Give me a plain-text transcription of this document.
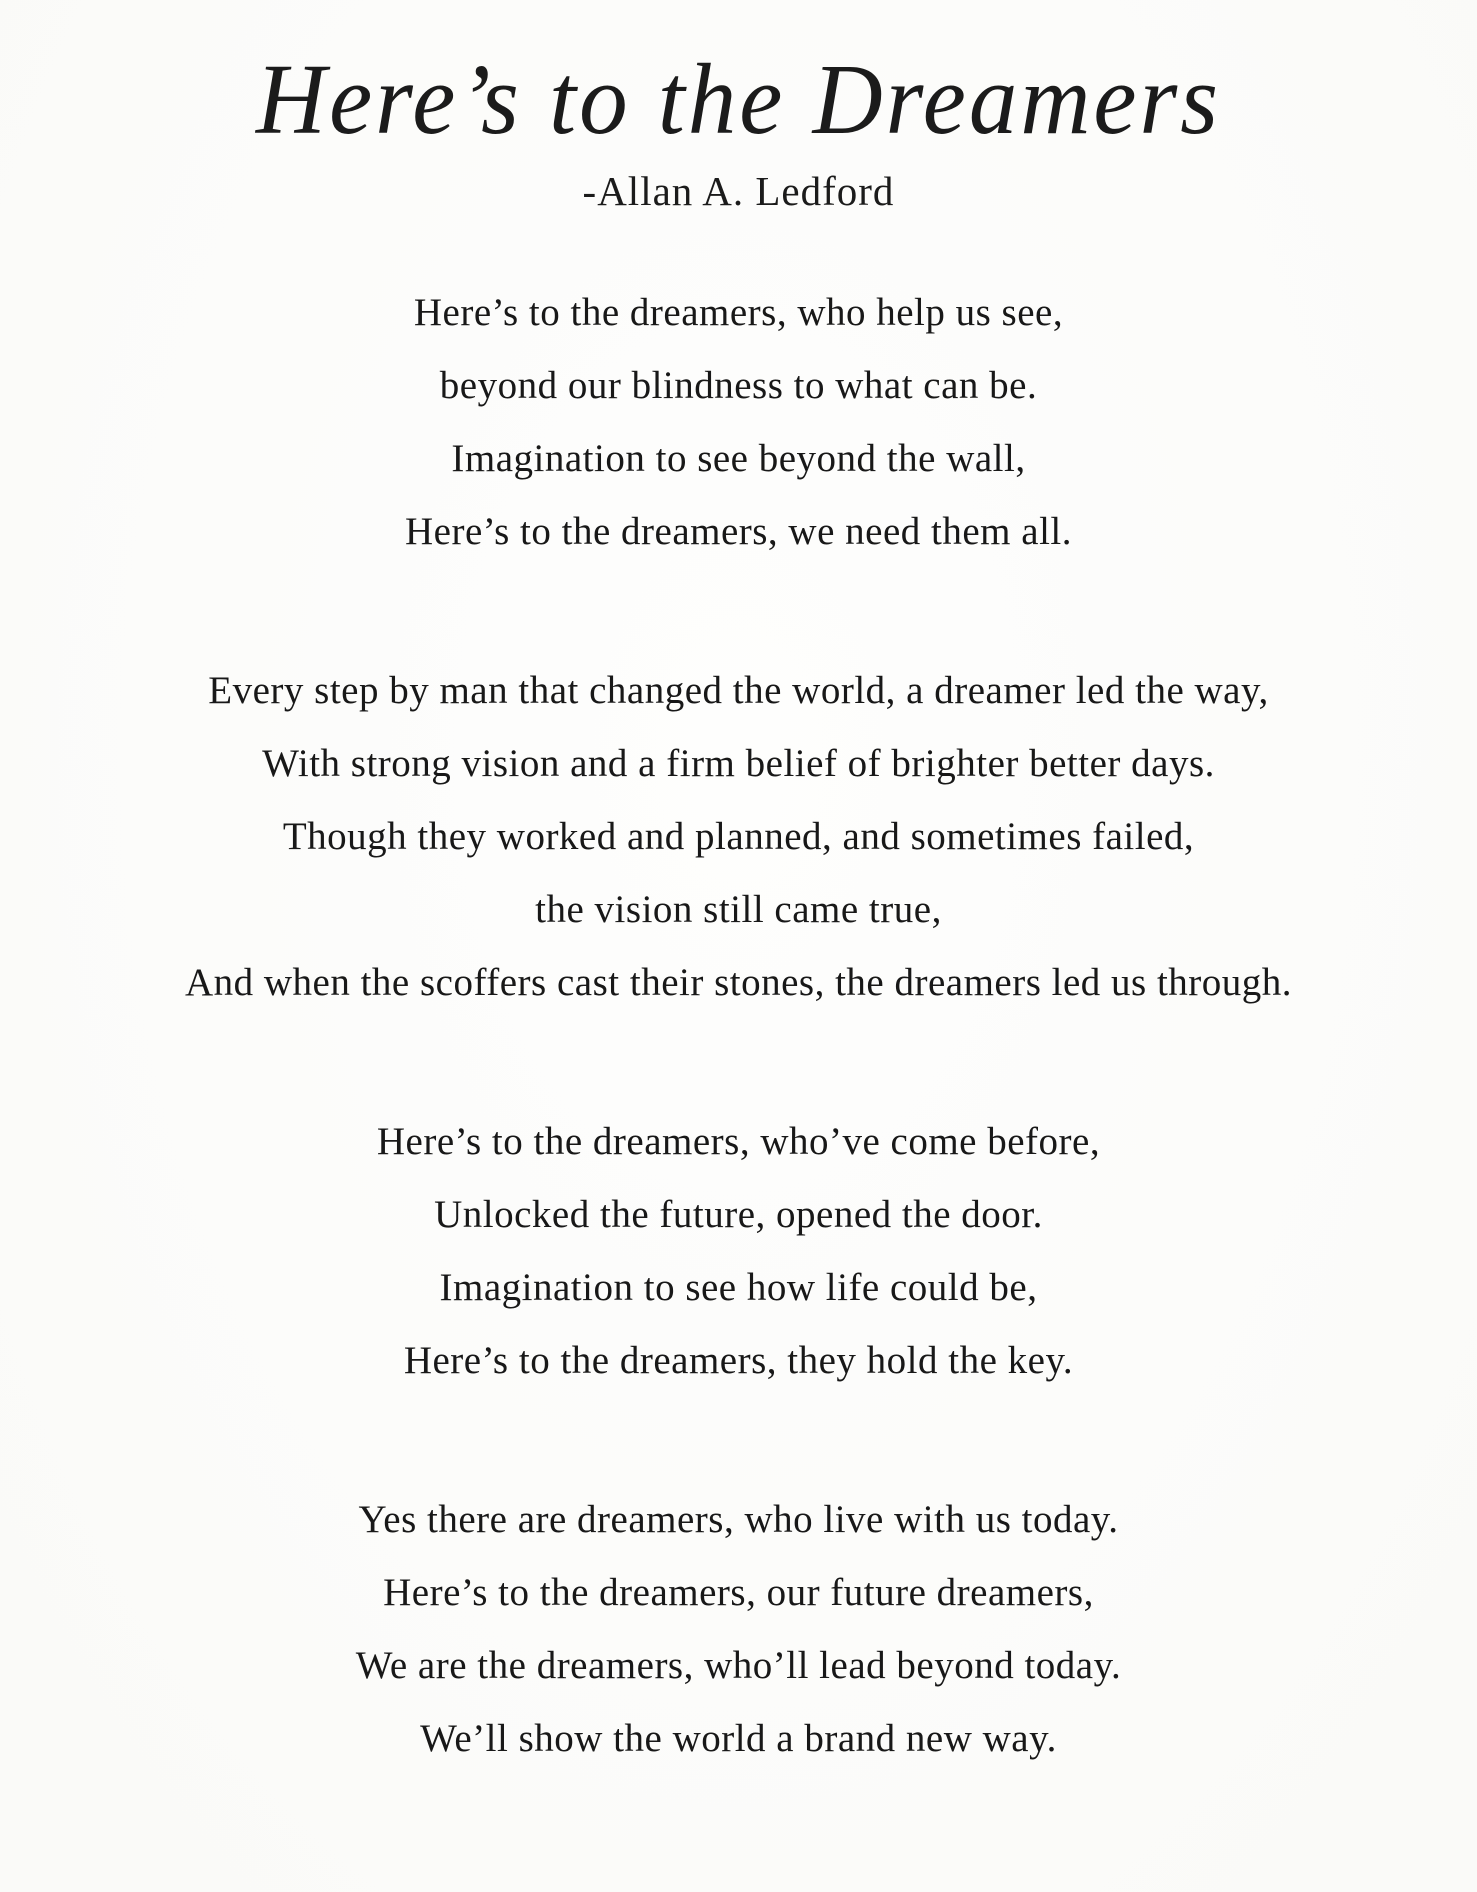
Here’s to the Dreamers
-Allan A. Ledford
Here’s to the dreamers, who help us see,
beyond our blindness to what can be.
Imagination to see beyond the wall,
Here’s to the dreamers, we need them all.
Every step by man that changed the world, a dreamer led the way,
With strong vision and a firm belief of brighter better days.
Though they worked and planned, and sometimes failed,
the vision still came true,
And when the scoffers cast their stones, the dreamers led us through.
Here’s to the dreamers, who’ve come before,
Unlocked the future, opened the door.
Imagination to see how life could be,
Here’s to the dreamers, they hold the key.
Yes there are dreamers, who live with us today.
Here’s to the dreamers, our future dreamers,
We are the dreamers, who’ll lead beyond today.
We’ll show the world a brand new way.
